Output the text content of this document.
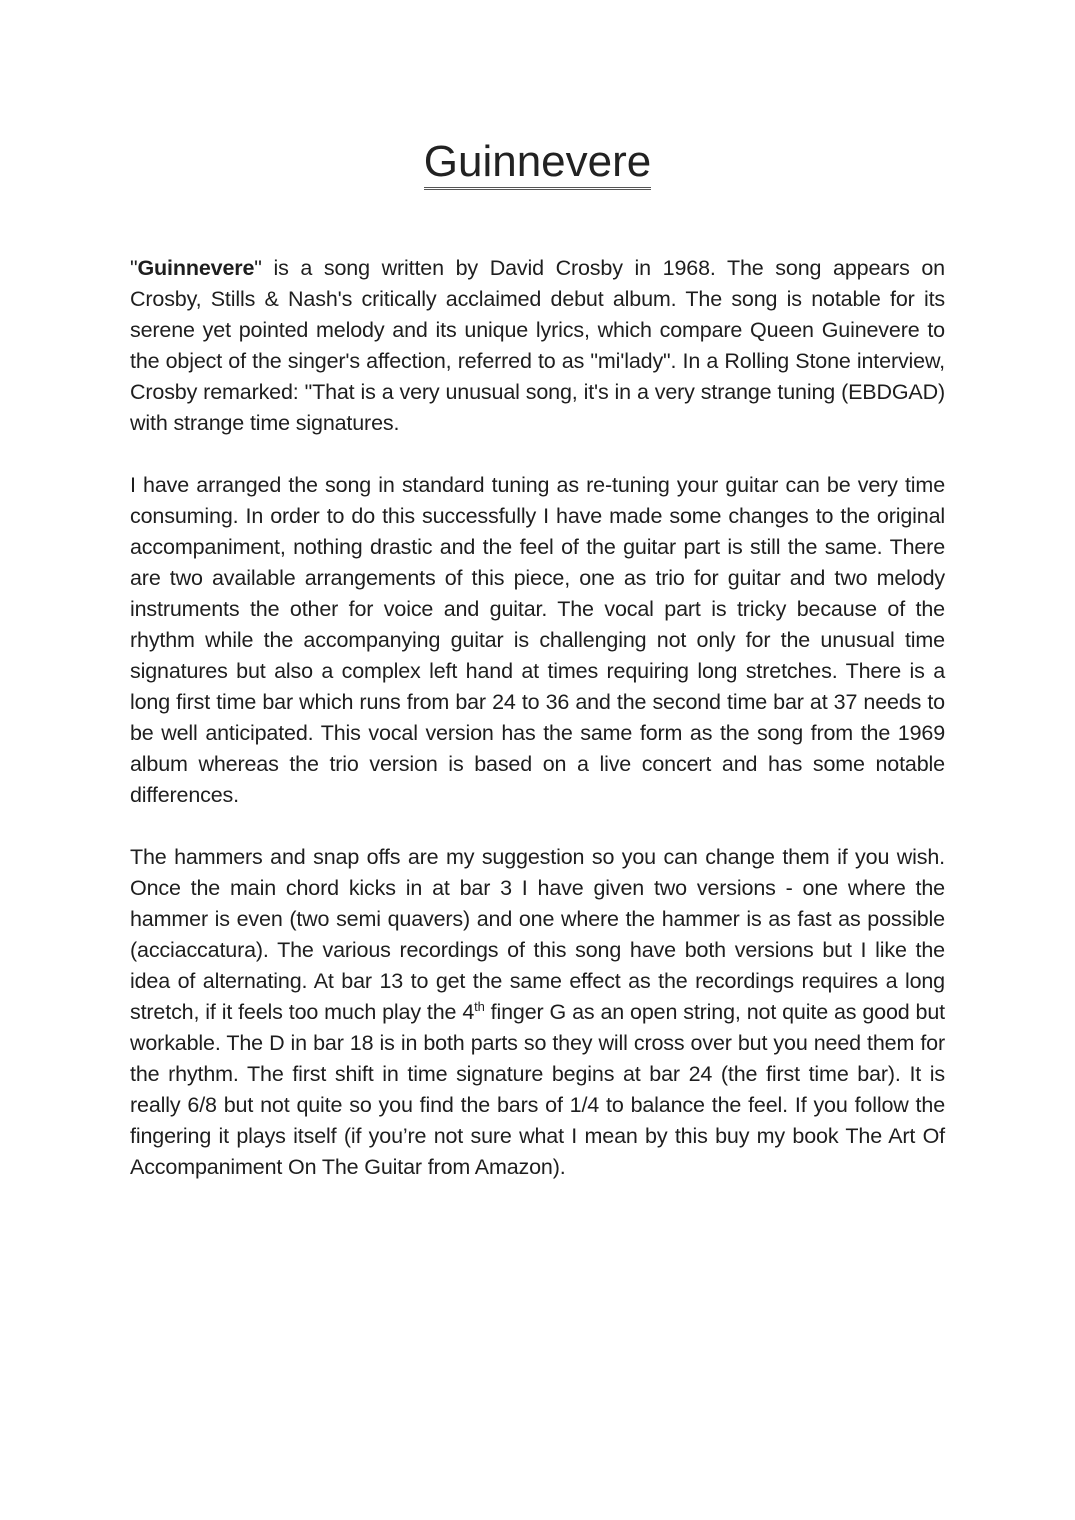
Guinnevere

"Guinnevere" is a song written by David Crosby in 1968. The song appears on Crosby, Stills & Nash's critically acclaimed debut album. The song is notable for its serene yet pointed melody and its unique lyrics, which compare Queen Guinevere to the object of the singer's affection, referred to as "mi'lady". In a Rolling Stone interview, Crosby remarked: "That is a very unusual song, it's in a very strange tuning (EBDGAD) with strange time signatures.

I have arranged the song in standard tuning as re-tuning your guitar can be very time consuming. In order to do this successfully I have made some changes to the original accompaniment, nothing drastic and the feel of the guitar part is still the same. There are two available arrangements of this piece, one as trio for guitar and two melody instruments the other for voice and guitar. The vocal part is tricky because of the rhythm while the accompanying guitar is challenging not only for the unusual time signatures but also a complex left hand at times requiring long stretches. There is a long first time bar which runs from bar 24 to 36 and the second time bar at 37 needs to be well anticipated. This vocal version has the same form as the song from the 1969 album whereas the trio version is based on a live concert and has some notable differences.

The hammers and snap offs are my suggestion so you can change them if you wish. Once the main chord kicks in at bar 3 I have given two versions - one where the hammer is even (two semi quavers) and one where the hammer is as fast as possible (acciaccatura). The various recordings of this song have both versions but I like the idea of alternating. At bar 13 to get the same effect as the recordings requires a long stretch, if it feels too much play the 4th finger G as an open string, not quite as good but workable. The D in bar 18 is in both parts so they will cross over but you need them for the rhythm. The first shift in time signature begins at bar 24 (the first time bar). It is really 6/8 but not quite so you find the bars of 1/4 to balance the feel. If you follow the fingering it plays itself (if you’re not sure what I mean by this buy my book The Art Of Accompaniment On The Guitar from Amazon).
